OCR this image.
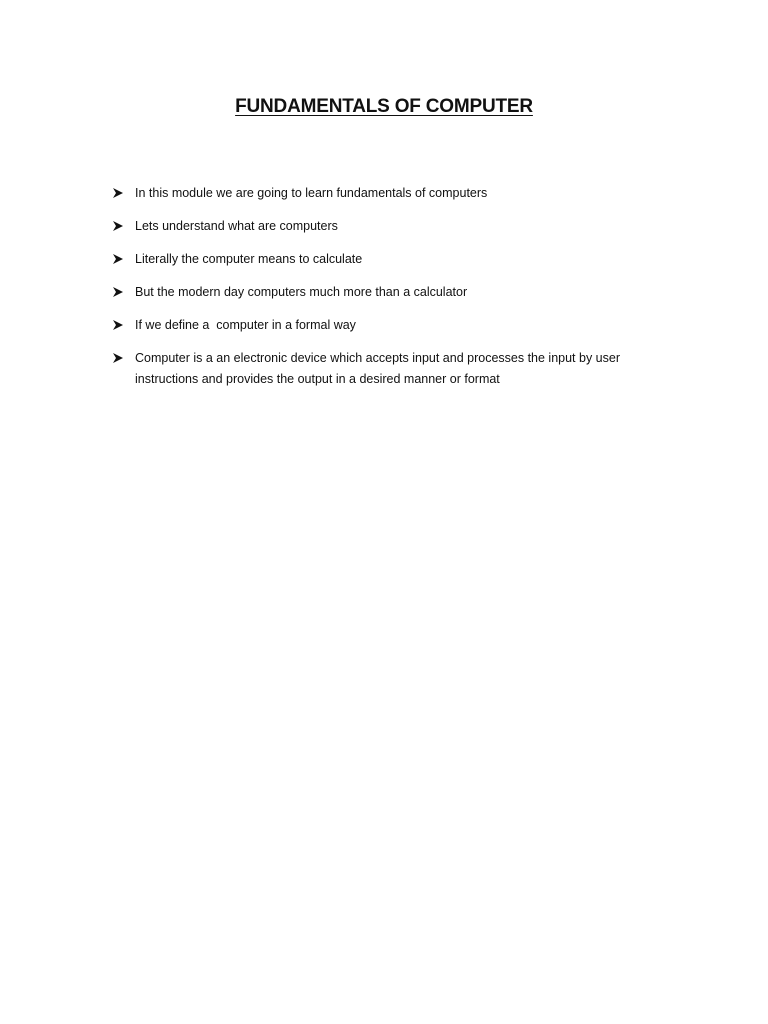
FUNDAMENTALS OF COMPUTER
In this module we are going to learn fundamentals of computers
Lets understand what are computers
Literally the computer means to calculate
But the modern day computers much more than a calculator
If we define a  computer in a formal way
Computer is a an electronic device which accepts input and processes the input by user instructions and provides the output in a desired manner or format
